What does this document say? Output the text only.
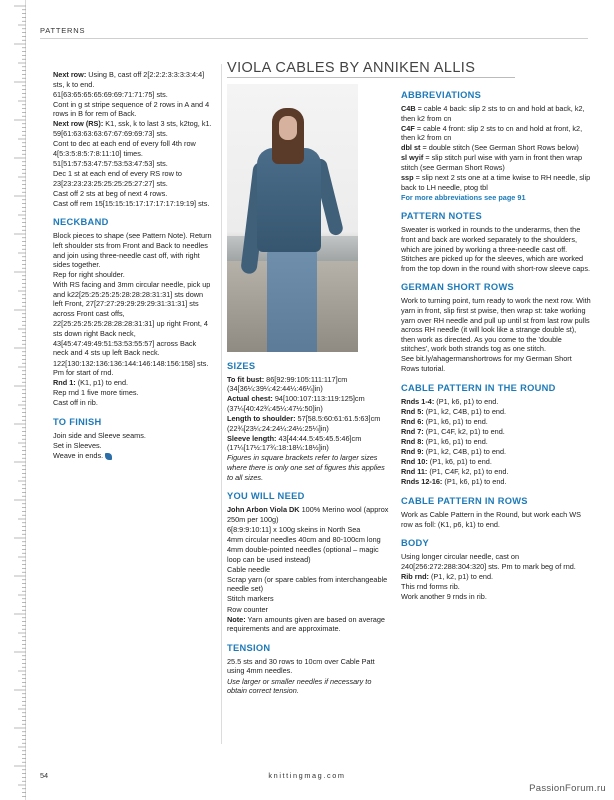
PATTERNS

Next row: Using B, cast off 2[2:2:2:3:3:3:3:4:4] sts, k to end.

61[63:65:65:65:69:69:71:71:75] sts.

Cont in g st stripe sequence of 2 rows in A and 4 rows in B for rem of Back.

Next row (RS): K1, ssk, k to last 3 sts, k2tog, k1. 59[61:63:63:63:67:67:69:69:73] sts.

Cont to dec at each end of every foll 4th row 4[5:3:5:8:5:7:8:11:10] times.

51[51:57:53:47:57:53:53:47:53] sts.

Dec 1 st at each end of every RS row to 23[23:23:23:25:25:25:25:27:27] sts.

Cast off 2 sts at beg of next 4 rows.

Cast off rem 15[15:15:15:17:17:17:17:19:19] sts.

NECKBAND

Block pieces to shape (see Pattern Note). Return left shoulder sts from Front and Back to needles and join using three-needle cast off, with right sides together.

Rep for right shoulder.

With RS facing and 3mm circular needle, pick up and k22[25:25:25:25:28:28:28:31:31] sts down left Front, 27[27:27:29:29:29:29:31:31:31] sts across Front cast offs,

22[25:25:25:25:28:28:28:31:31] up right Front, 4 sts down right Back neck,

43[45:47:49:49:51:53:53:55:57] across Back neck and 4 sts up left Back neck.

122[130:132:136:136:144:146:148:156:158] sts. Pm for start of rnd.

Rnd 1: (K1, p1) to end.

Rep rnd 1 five more times.

Cast off in rib.

TO FINISH

Join side and Sleeve seams.

Set in Sleeves.

Weave in ends.

VIOLA CABLES BY ANNIKEN ALLIS
SIZES

To fit bust: 86[92:99:105:111:117]cm (34[36¼:39¼:42:44¼:46¼]in)

Actual chest: 94[100:107:113:119:125]cm (37¼[40:42¾:45¼:47½:50]in)

Length to shoulder: 57[58.5:60:61:61.5:63]cm (22¾[23¼:24:24¼:24½:25¼]in)

Sleeve length: 43[44:44.5:45:45.5:46]cm (17¼[17½:17¾:18:18¼:18½]in)

Figures in square brackets refer to larger sizes where there is only one set of figures this applies to all sizes.

YOU WILL NEED

John Arbon Viola DK 100% Merino wool (approx 250m per 100g)

6[8:9:9:10:11] x 100g skeins in North Sea

4mm circular needles 40cm and 80-100cm long

4mm double-pointed needles (optional – magic loop can be used instead)

Cable needle

Scrap yarn (or spare cables from interchangeable needle set)

Stitch markers

Row counter

Note: Yarn amounts given are based on average requirements and are approximate.

TENSION

25.5 sts and 30 rows to 10cm over Cable Patt using 4mm needles.

Use larger or smaller needles if necessary to obtain correct tension.

ABBREVIATIONS

C4B = cable 4 back: slip 2 sts to cn and hold at back, k2, then k2 from cn

C4F = cable 4 front: slip 2 sts to cn and hold at front, k2, then k2 from cn

dbl st = double stitch (See German Short Rows below)

sl wyif = slip stitch purl wise with yarn in front then wrap stitch (see German Short Rows)

ssp = slip next 2 sts one at a time kwise to RH needle, slip back to LH needle, ptog tbl

For more abbreviations see page 91

PATTERN NOTES

Sweater is worked in rounds to the underarms, then the front and back are worked separately to the shoulders, which are joined by working a three-needle cast off. Stitches are picked up for the sleeves, which are worked from the top down in the round with short-row sleeve caps.

GERMAN SHORT ROWS

Work to turning point, turn ready to work the next row. With yarn in front, slip first st pwise, then wrap st: take working yarn over RH needle and pull up until st from last row pulls across RH needle (it will look like a strange double st), then work as directed. As you come to the 'double stitches', work both strands tog as one stitch.

See bit.ly/ahagermanshortrows for my German Short Rows tutorial.

CABLE PATTERN IN THE ROUND

Rnds 1-4: (P1, k6, p1) to end.

Rnd 5: (P1, k2, C4B, p1) to end.

Rnd 6: (P1, k6, p1) to end.

Rnd 7: (P1, C4F, k2, p1) to end.

Rnd 8: (P1, k6, p1) to end.

Rnd 9: (P1, k2, C4B, p1) to end.

Rnd 10: (P1, k6, p1) to end.

Rnd 11: (P1, C4F, k2, p1) to end.

Rnds 12-16: (P1, k6, p1) to end.

CABLE PATTERN IN ROWS

Work as Cable Pattern in the Round, but work each WS row as foll: (K1, p6, k1) to end.

BODY

Using longer circular needle, cast on 240[256:272:288:304:320] sts. Pm to mark beg of rnd.

Rib rnd: (P1, k2, p1) to end.

This rnd forms rib.

Work another 9 rnds in rib.

54	knittingmag.com
PassionForum.ru
